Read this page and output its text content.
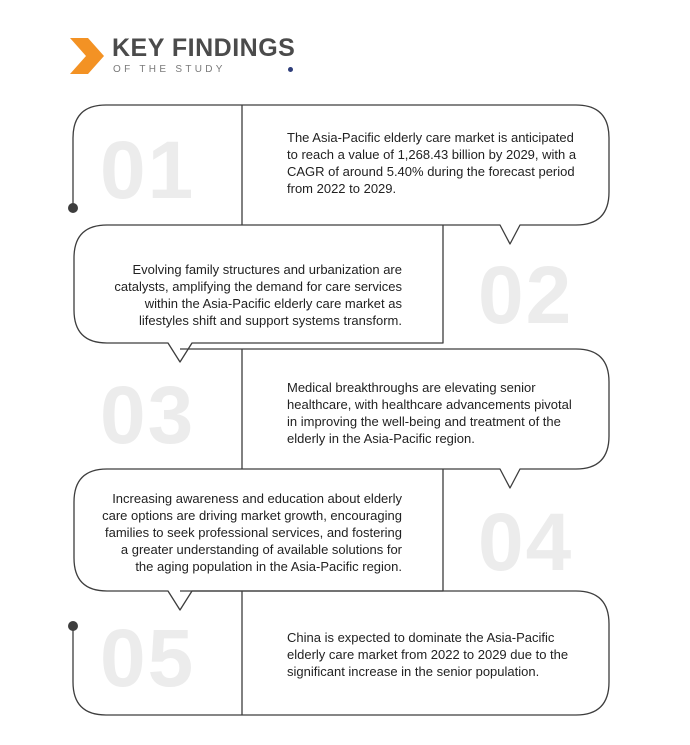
KEY FINDINGS
OF THE STUDY
01	The Asia-Pacific elderly care market is anticipated to reach a value of 1,268.43 billion by 2029, with a CAGR of around 5.40% during the forecast period from 2022 to 2029.
02
Evolving family structures and urbanization are catalysts, amplifying the demand for care services within the Asia-Pacific elderly care market as lifestyles shift and support systems transform.
03	Medical breakthroughs are elevating senior healthcare, with healthcare advancements pivotal in improving the well-being and treatment of the elderly in the Asia-Pacific region.
04
Increasing awareness and education about elderly care options are driving market growth, encouraging families to seek professional services, and fostering a greater understanding of available solutions for the aging population in the Asia-Pacific region.
05	China is expected to dominate the Asia-Pacific elderly care market from 2022 to 2029 due to the significant increase in the senior population.
